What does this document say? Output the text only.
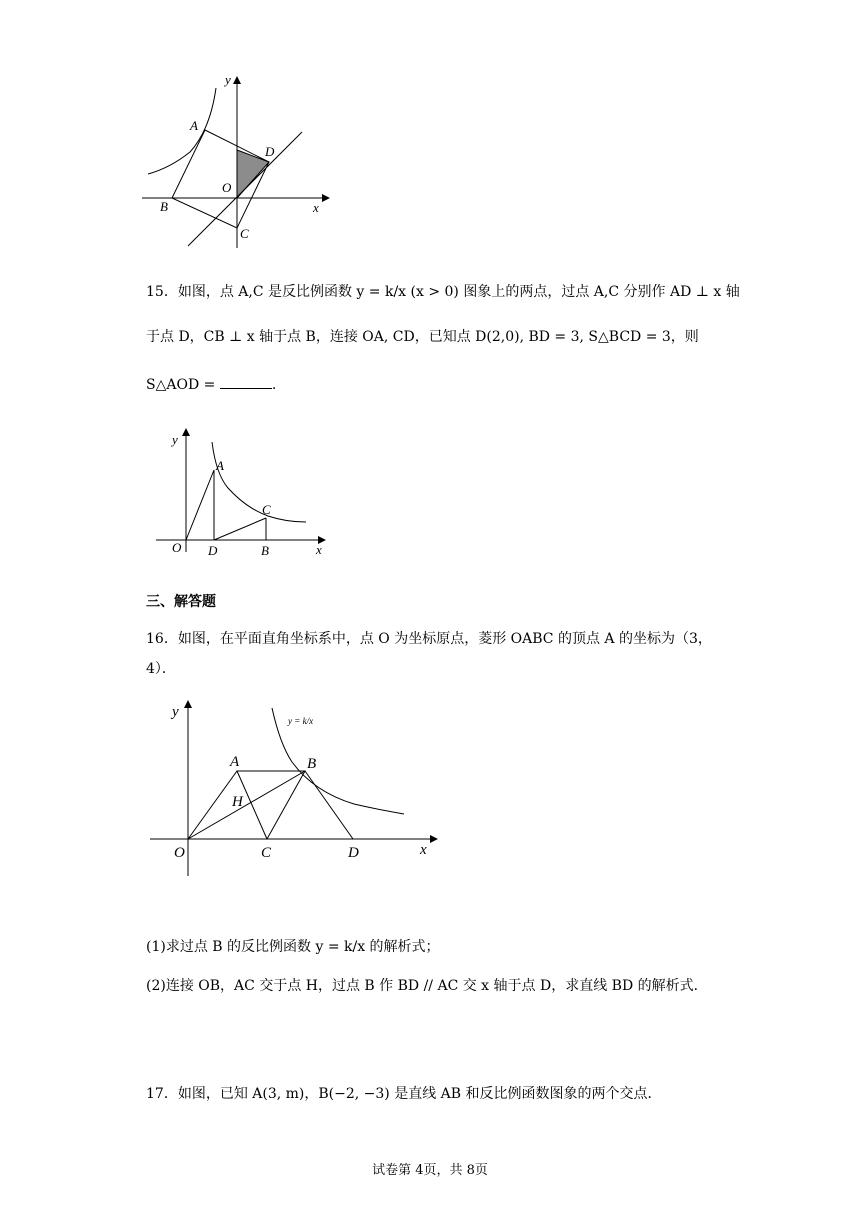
y
x
A
B
C
D
O
15．如图，点 A,C 是反比例函数 y = k/x (x > 0) 图象上的两点，过点 A,C 分别作 AD ⊥ x 轴
于点 D，CB ⊥ x 轴于点 B，连接 OA, CD，已知点 D(2,0), BD = 3, S△BCD = 3，则
S△AOD =	.
y
x
A
C
D	B
O
三、解答题
16．如图，在平面直角坐标系中，点 O 为坐标原点，菱形 OABC 的顶点 A 的坐标为（3，
4）．
y
x
A	B
C	D
O
H
y = k/x
(1)求过点 B 的反比例函数 y = k/x 的解析式；
(2)连接 OB，AC 交于点 H，过点 B 作 BD // AC 交 x 轴于点 D，求直线 BD 的解析式．
17．如图，已知 A(3, m)，B(−2, −3) 是直线 AB 和反比例函数图象的两个交点．
试卷第 4页，共 8页
